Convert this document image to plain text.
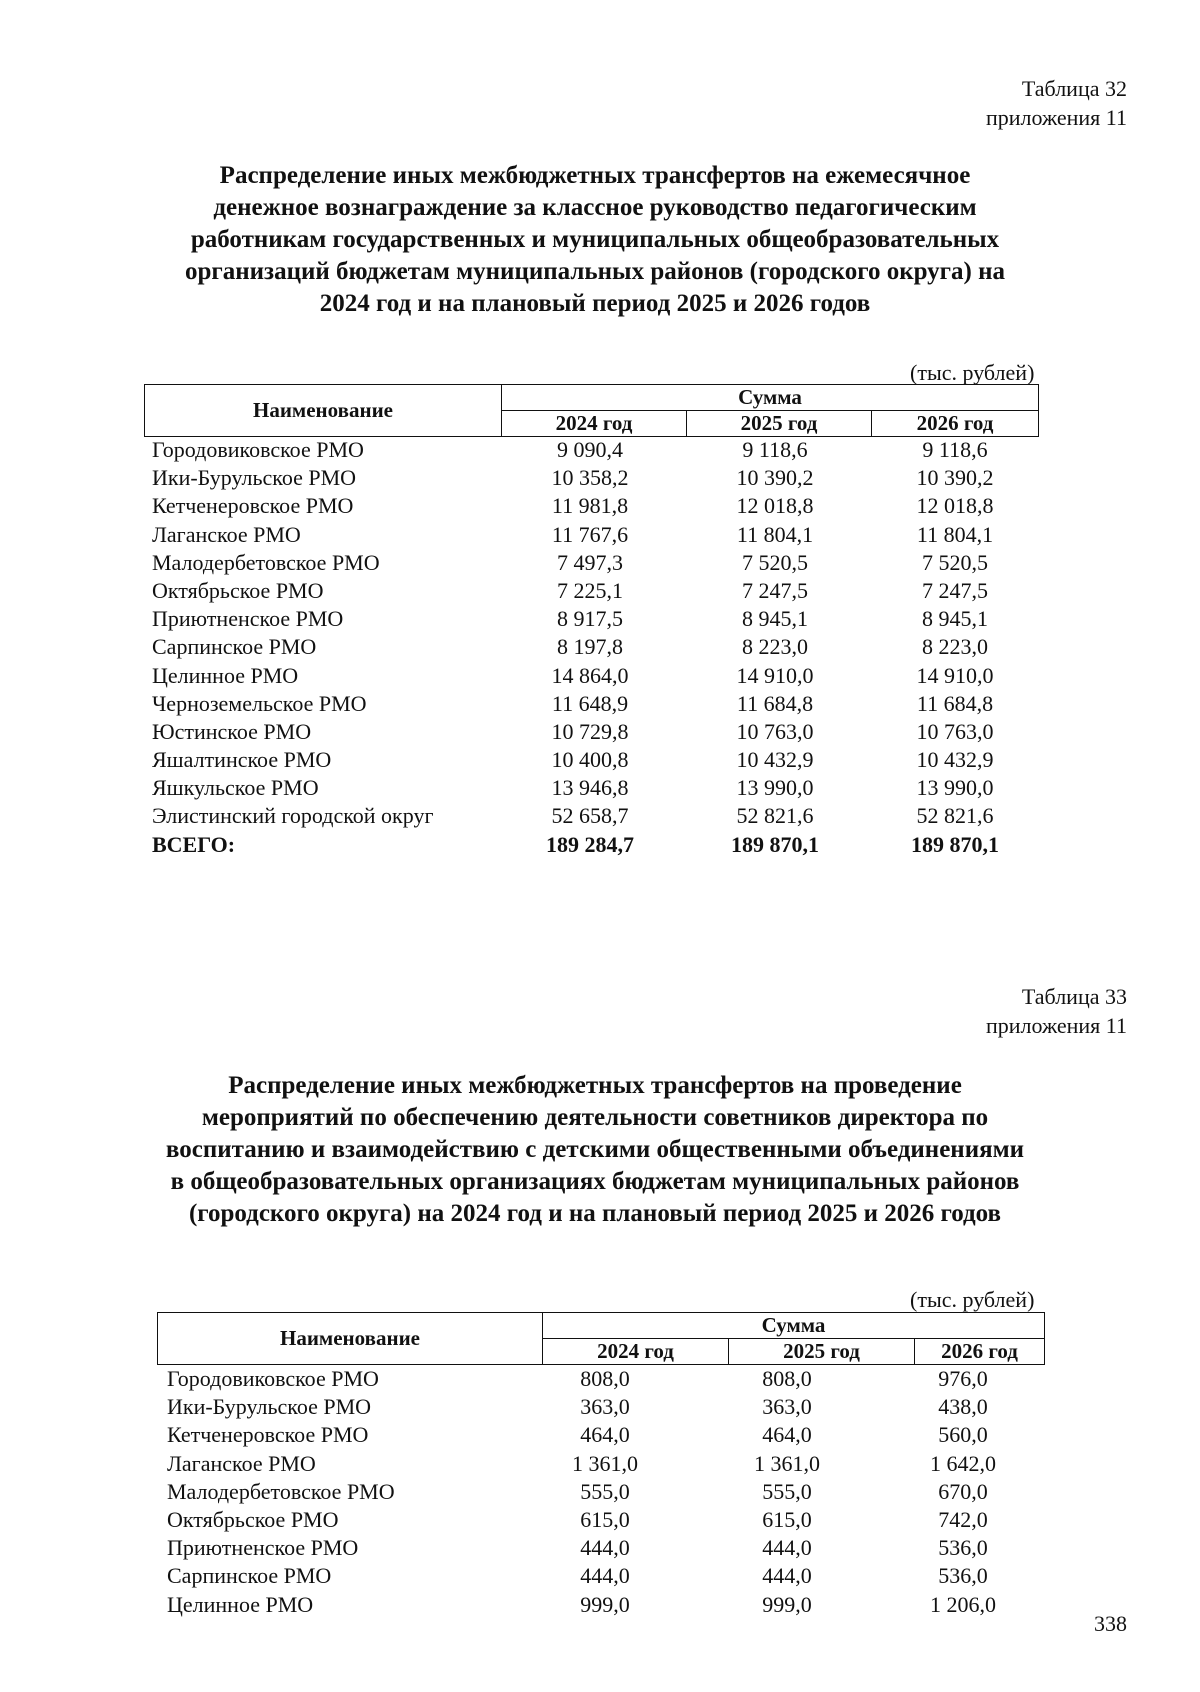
Таблица 32
приложения 11
Распределение иных межбюджетных трансфертов на ежемесячное
денежное вознаграждение за классное руководство педагогическим
работникам государственных и муниципальных общеобразовательных
организаций бюджетам муниципальных районов (городского округа) на
2024 год и на плановый период 2025 и 2026 годов
(тыс. рублей)
Наименование	Сумма		
	2024 год	2025 год	2026 год
Городовиковское РМО	9 090,4	9 118,6	9 118,6
Ики-Бурульское РМО	10 358,2	10 390,2	10 390,2
Кетченеровское РМО	11 981,8	12 018,8	12 018,8
Лаганское РМО	11 767,6	11 804,1	11 804,1
Малодербетовское РМО	7 497,3	7 520,5	7 520,5
Октябрьское РМО	7 225,1	7 247,5	7 247,5
Приютненское РМО	8 917,5	8 945,1	8 945,1
Сарпинское РМО	8 197,8	8 223,0	8 223,0
Целинное РМО	14 864,0	14 910,0	14 910,0
Черноземельское РМО	11 648,9	11 684,8	11 684,8
Юстинское РМО	10 729,8	10 763,0	10 763,0
Яшалтинское РМО	10 400,8	10 432,9	10 432,9
Яшкульское РМО	13 946,8	13 990,0	13 990,0
Элистинский городской округ	52 658,7	52 821,6	52 821,6
ВСЕГО:	189 284,7	189 870,1	189 870,1
Таблица 33
приложения 11
Распределение иных межбюджетных трансфертов на проведение
мероприятий по обеспечению деятельности советников директора по
воспитанию и взаимодействию с детскими общественными объединениями
в общеобразовательных организациях бюджетам муниципальных районов
(городского округа) на 2024 год и на плановый период 2025 и 2026 годов
(тыс. рублей)
Наименование	Сумма		
	2024 год	2025 год	2026 год
Городовиковское РМО	808,0	808,0	976,0
Ики-Бурульское РМО	363,0	363,0	438,0
Кетченеровское РМО	464,0	464,0	560,0
Лаганское РМО	1 361,0	1 361,0	1 642,0
Малодербетовское РМО	555,0	555,0	670,0
Октябрьское РМО	615,0	615,0	742,0
Приютненское РМО	444,0	444,0	536,0
Сарпинское РМО	444,0	444,0	536,0
Целинное РМО	999,0	999,0	1 206,0
338
